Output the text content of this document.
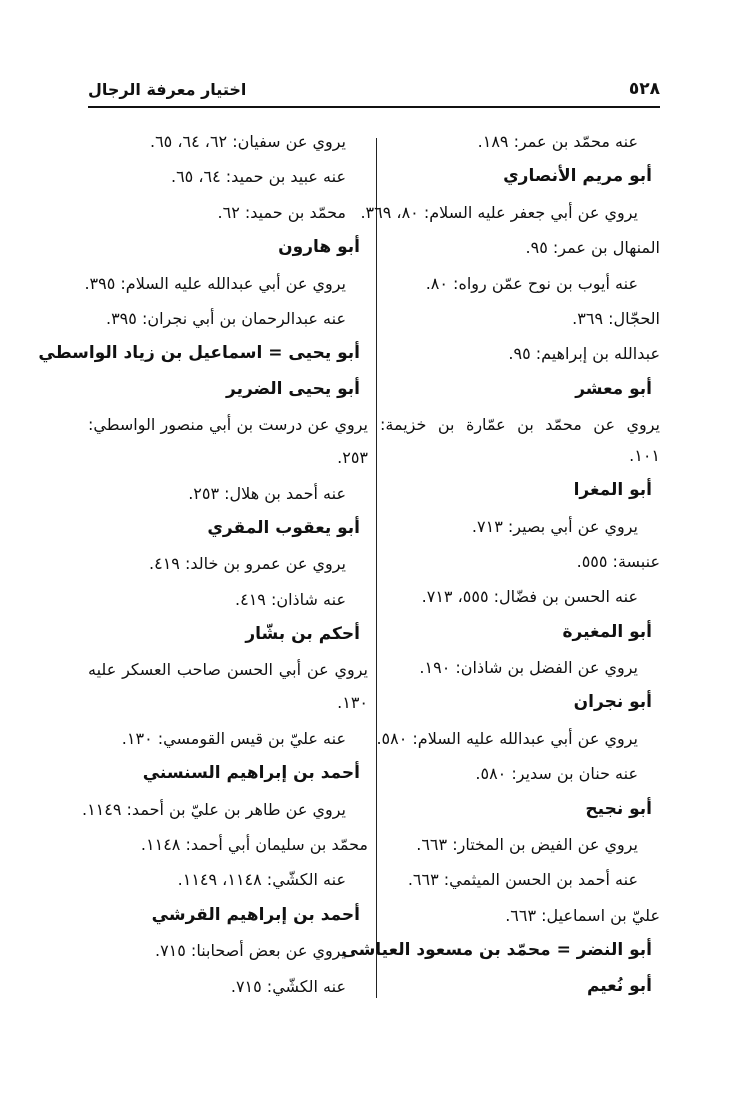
٥٢٨
اختيار معرفة الرجال
عنه محمّد بن عمر: ١٨٩.
أبو مريم الأنصاري
يروي عن أبي جعفر عليه السلام: ٨٠، ٣٦٩.
المنهال بن عمر: ٩٥.
عنه أيوب بن نوح عمّن رواه: ٨٠.
الحجّال: ٣٦٩.
عبدالله بن إبراهيم: ٩٥.
أبو معشر
يروي عن محمّد بن عمّارة بن خزيمة:
١٠١.
أبو المغرا
يروي عن أبي بصير: ٧١٣.
عنبسة: ٥٥٥.
عنه الحسن بن فضّال: ٥٥٥، ٧١٣.
أبو المغيرة
يروي عن الفضل بن شاذان: ١٩٠.
أبو نجران
يروي عن أبي عبدالله عليه السلام: ٥٨٠.
عنه حنان بن سدير: ٥٨٠.
أبو نجيح
يروي عن الفيض بن المختار: ٦٦٣.
عنه أحمد بن الحسن الميثمي: ٦٦٣.
عليّ بن اسماعيل: ٦٦٣.
أبو النضر = محمّد بن مسعود العياشى
أبو نُعيم
يروي عن سفيان: ٦٢، ٦٤، ٦٥.
عنه عبيد بن حميد: ٦٤، ٦٥.
محمّد بن حميد: ٦٢.
أبو هارون
يروي عن أبي عبدالله عليه السلام: ٣٩٥.
عنه عبدالرحمان بن أبي نجران: ٣٩٥.
أبو يحيى = اسماعيل بن زياد الواسطي
أبو يحيى الضرير
يروي عن درست بن أبي منصور الواسطي:
٢٥٣.
عنه أحمد بن هلال: ٢٥٣.
أبو يعقوب المقري
يروي عن عمرو بن خالد: ٤١٩.
عنه شاذان: ٤١٩.
أحكم بن بشّار
يروي عن أبي الحسن صاحب العسكر عليه
١٣٠.
عنه عليّ بن قيس القومسي: ١٣٠.
أحمد بن إبراهيم السنسني
يروي عن طاهر بن عليّ بن أحمد: ١١٤٩.
محمّد بن سليمان أبي أحمد: ١١٤٨.
عنه الكشّي: ١١٤٨، ١١٤٩.
أحمد بن إبراهيم القرشي
يروي عن بعض أصحابنا: ٧١٥.
عنه الكشّي: ٧١٥.
